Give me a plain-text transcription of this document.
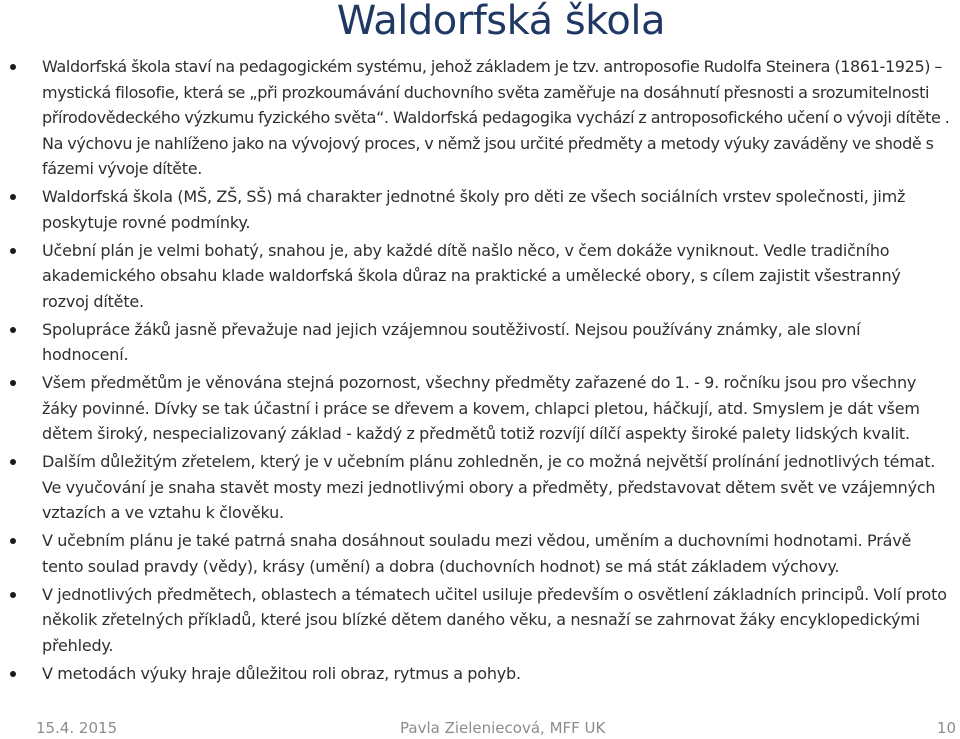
Waldorfská škola
Waldorfská škola staví na pedagogickém systému, jehož základem je tzv. antroposofie Rudolfa Steinera (1861-1925) – mystická filosofie, která se „při prozkoumávání duchovního světa zaměřuje na dosáhnutí přesnosti a srozumitelnosti přírodovědeckého výzkumu fyzického světa“. Waldorfská pedagogika vychází z antroposofického učení o vývoji dítěte . Na výchovu je nahlíženo jako na vývojový proces, v němž jsou určité předměty a metody výuky zaváděny ve shodě s fázemi vývoje dítěte.
Waldorfská škola (MŠ, ZŠ, SŠ) má charakter jednotné školy pro děti ze všech sociálních vrstev společnosti, jimž poskytuje rovné podmínky.
Učební plán je velmi bohatý, snahou je, aby každé dítě našlo něco, v čem dokáže vyniknout. Vedle tradičního akademického obsahu klade waldorfská škola důraz na praktické a umělecké obory, s cílem zajistit všestranný rozvoj dítěte.
Spolupráce žáků jasně převažuje nad jejich vzájemnou soutěživostí. Nejsou používány známky, ale slovní hodnocení.
Všem předmětům je věnována stejná pozornost, všechny předměty zařazené do 1. - 9. ročníku jsou pro všechny žáky povinné. Dívky se tak účastní i práce se dřevem a kovem, chlapci pletou, háčkují, atd. Smyslem je dát všem dětem široký, nespecializovaný základ - každý z předmětů totiž rozvíjí dílčí aspekty široké palety lidských kvalit.
Dalším důležitým zřetelem, který je v učebním plánu zohledněn, je co možná největší prolínání jednotlivých témat. Ve vyučování je snaha stavět mosty mezi jednotlivými obory a předměty, představovat dětem svět ve vzájemných vztazích a ve vztahu k člověku.
V učebním plánu je také patrná snaha dosáhnout souladu mezi vědou, uměním a duchovními hodnotami. Právě tento soulad pravdy (vědy), krásy (umění) a dobra (duchovních hodnot) se má stát základem výchovy.
V jednotlivých předmětech, oblastech a tématech učitel usiluje především o osvětlení základních principů. Volí proto několik zřetelných příkladů, které jsou blízké dětem daného věku, a nesnaží se zahrnovat žáky encyklopedickými přehledy.
V metodách výuky hraje důležitou roli obraz, rytmus a pohyb.
15.4. 2015	Pavla Zieleniecová, MFF UK	10
